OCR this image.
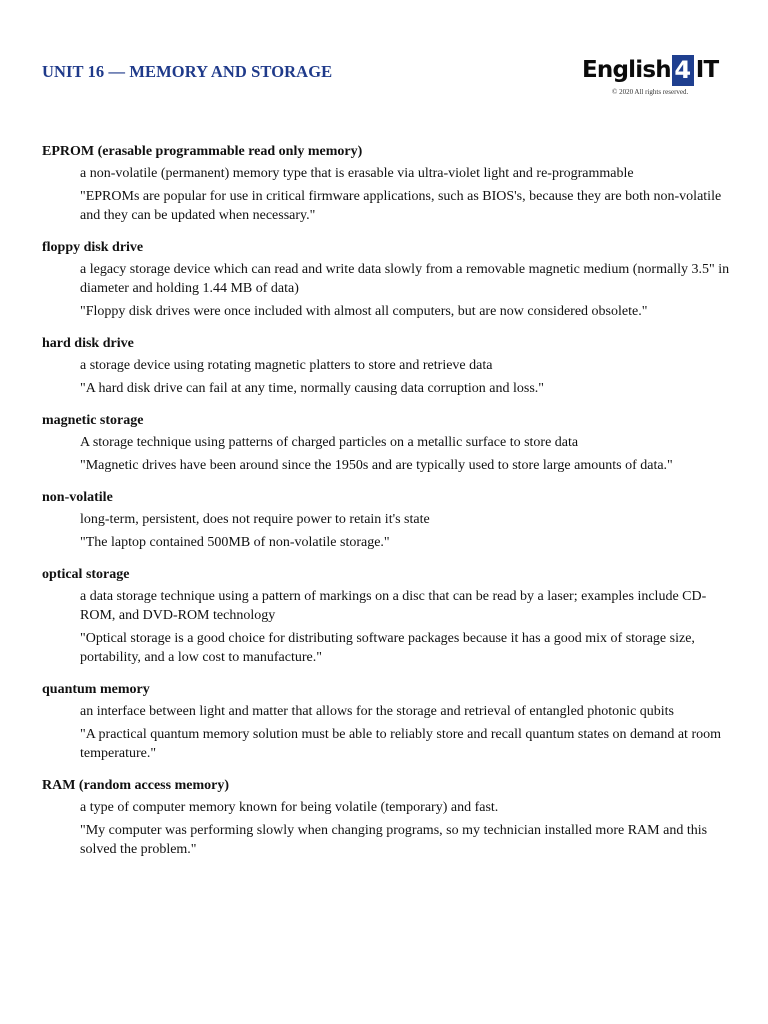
UNIT 16 — MEMORY AND STORAGE	English 4 IT
© 2020 All rights reserved.
EPROM (erasable programmable read only memory)
a non-volatile (permanent) memory type that is erasable via ultra-violet light and re-programmable
"EPROMs are popular for use in critical firmware applications, such as BIOS's, because they are both non-volatile and they can be updated when necessary."
floppy disk drive
a legacy storage device which can read and write data slowly from a removable magnetic medium (normally 3.5" in diameter and holding 1.44 MB of data)
"Floppy disk drives were once included with almost all computers, but are now considered obsolete."
hard disk drive
a storage device using rotating magnetic platters to store and retrieve data
"A hard disk drive can fail at any time, normally causing data corruption and loss."
magnetic storage
A storage technique using patterns of charged particles on a metallic surface to store data
"Magnetic drives have been around since the 1950s and are typically used to store large amounts of data."
non-volatile
long-term, persistent, does not require power to retain it's state
"The laptop contained 500MB of non-volatile storage."
optical storage
a data storage technique using a pattern of markings on a disc that can be read by a laser; examples include CD-ROM, and DVD-ROM technology
"Optical storage is a good choice for distributing software packages because it has a good mix of storage size, portability, and a low cost to manufacture."
quantum memory
an interface between light and matter that allows for the storage and retrieval of entangled photonic qubits
"A practical quantum memory solution must be able to reliably store and recall quantum states on demand at room temperature."
RAM (random access memory)
a type of computer memory known for being volatile (temporary) and fast.
"My computer was performing slowly when changing programs, so my technician installed more RAM and this solved the problem."
